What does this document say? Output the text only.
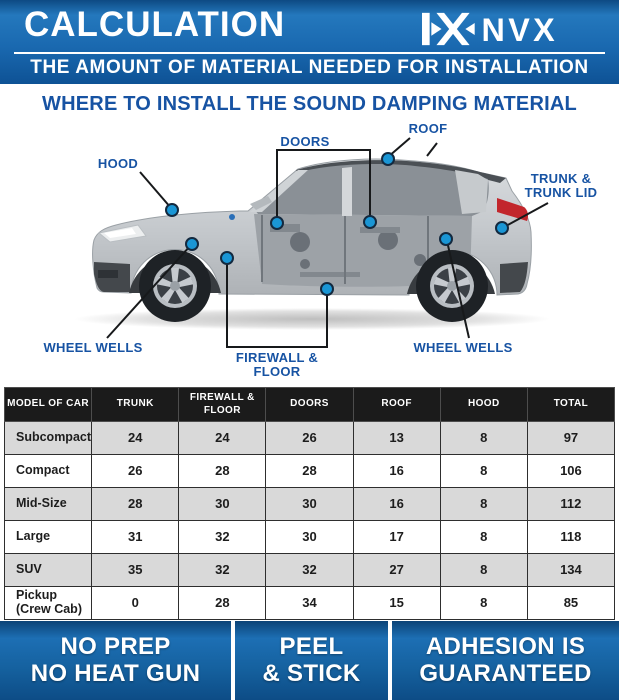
CALCULATION	NVX
THE AMOUNT OF MATERIAL NEEDED FOR INSTALLATION
WHERE TO INSTALL THE SOUND DAMPING MATERIAL
HOOD
DOORS
ROOF
TRUNK &
TRUNK LID
WHEEL WELLS
FIREWALL &
FLOOR
WHEEL WELLS
MODEL OF CAR	TRUNK	FIREWALL & FLOOR	DOORS	ROOF	HOOD	TOTAL
Subcompact	24	24	26	13	8	97
Compact	26	28	28	16	8	106
Mid-Size	28	30	30	16	8	112
Large	31	32	30	17	8	118
SUV	35	32	32	27	8	134
Pickup (Crew Cab)	0	28	34	15	8	85
NO PREP
NO HEAT GUN
PEEL
& STICK
ADHESION IS
GUARANTEED
